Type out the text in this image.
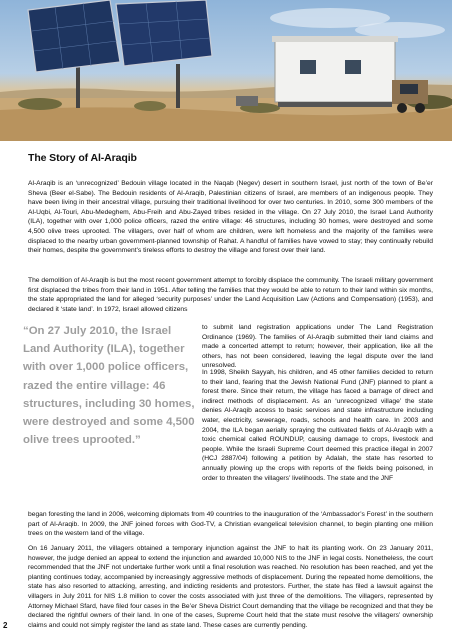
The Story of Al-Araqib

Al-Araqib is an ‘unrecognized’ Bedouin village located in the Naqab (Negev) desert in southern Israel, just north of the town of Be’er Sheva (Beer el-Sabe). The Bedouin residents of Al-Araqib, Palestinian citizens of Israel, are members of an indigenous people. They have been living in their ancestral village, pursuing their traditional livelihood for over two centuries. In 2010, some 300 members of the Al-Uqbi, Al-Touri, Abu-Medeghem, Abu-Freih and Abu-Zayed tribes resided in the village. On 27 July 2010, the Israel Land Authority (ILA), together with over 1,000 police officers, razed the entire village: 46 structures, including 30 homes, were destroyed and some 4,500 olive trees uprooted. The villagers, over half of whom are children, were left homeless and the majority of the families were displaced to the nearby urban government-planned township of Rahat. A handful of families have vowed to stay; they continually rebuild their homes, despite the government’s tireless efforts to destroy the village and forest over their land.

The demolition of Al-Araqib is but the most recent government attempt to forcibly displace the community. The Israeli military government first displaced the tribes from their land in 1951. After telling the families that they would be able to return to their land within six months, the state appropriated the land for alleged ‘security purposes’ under the Land Acquisition Law (Actions and Compensation) (1953), and declared it ‘state land’. In 1972, Israel allowed citizens

“On 27 July 2010, the Israel Land Authority (ILA), together with over 1,000 police officers, razed the entire village: 46 structures, including 30 homes, were destroyed and some 4,500 olive trees uprooted.”

to submit land registration applications under The Land Registration Ordinance (1969). The families of Al-Araqib submitted their land claims and made a concerted attempt to return; however, their application, like all the others, has not been considered, leaving the legal dispute over the land unresolved.

In 1998, Sheikh Sayyah, his children, and 45 other families decided to return to their land, fearing that the Jewish National Fund (JNF) planned to plant a forest there. Since their return, the village has faced a barrage of direct and indirect methods of displacement. As an ‘unrecognized village’ the state denies Al-Araqib access to basic services and state infrastructure including water, electricity, sewerage, roads, schools and health care. In 2003 and 2004, the ILA began aerially spraying the cultivated fields of Al-Araqib with a toxic chemical called ROUNDUP, causing damage to crops, livestock and people. While the Israeli Supreme Court deemed this practice illegal in 2007 (HCJ 2887/04) following a petition by Adalah, the state has resorted to annually plowing up the crops with reports of the fields being poisoned, in order to threaten the villagers’ livelihoods. The state and the JNF

began foresting the land in 2006, welcoming diplomats from 49 countries to the inauguration of the ‘Ambassador’s Forest’ in the southern part of Al-Araqib. In 2009, the JNF joined forces with God-TV, a Christian evangelical television channel, to begin planting one million trees on the western land of the village.

On 16 January 2011, the villagers obtained a temporary injunction against the JNF to halt its planting work. On 23 January 2011, however, the judge denied an appeal to extend the injunction and awarded 10,000 NIS to the JNF in legal costs. Nonetheless, the court recommended that the JNF not undertake further work until a final resolution was reached. No resolution has been reached, and yet the planting continues today, accompanied by increasingly aggressive methods of displacement. During the repeated home demolitions, the state has also resorted to attacking, arresting, and indicting residents and protestors. Further, the state has filed a lawsuit against the villagers in July 2011 for NIS 1.8 million to cover the costs associated with just three of the demolitions. The villagers, represented by Attorney Michael Sfard, have filed four cases in the Be’er Sheva District Court demanding that the village be recognized and that they be declared the rightful owners of their land. In one of the cases, Supreme Court held that the state must resolve the villagers’ ownership claims and could not simply register the land as state land. These cases are currently pending.

2
